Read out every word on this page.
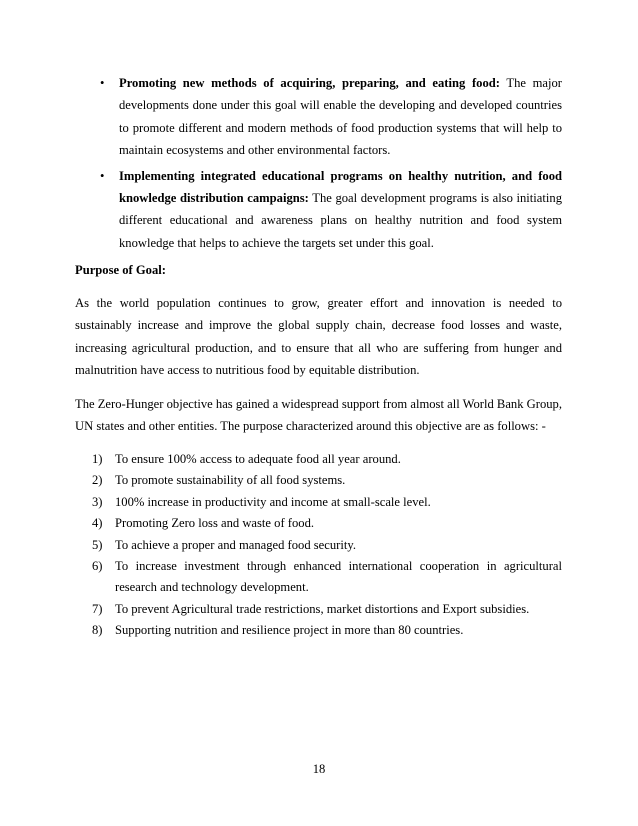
• Promoting new methods of acquiring, preparing, and eating food: The major developments done under this goal will enable the developing and developed countries to promote different and modern methods of food production systems that will help to maintain ecosystems and other environmental factors.
• Implementing integrated educational programs on healthy nutrition, and food knowledge distribution campaigns: The goal development programs is also initiating different educational and awareness plans on healthy nutrition and food system knowledge that helps to achieve the targets set under this goal.
Purpose of Goal:

As the world population continues to grow, greater effort and innovation is needed to sustainably increase and improve the global supply chain, decrease food losses and waste, increasing agricultural production, and to ensure that all who are suffering from hunger and malnutrition have access to nutritious food by equitable distribution.

The Zero-Hunger objective has gained a widespread support from almost all World Bank Group, UN states and other entities. The purpose characterized around this objective are as follows: -

1) To ensure 100% access to adequate food all year around.
2) To promote sustainability of all food systems.
3) 100% increase in productivity and income at small-scale level.
4) Promoting Zero loss and waste of food.
5) To achieve a proper and managed food security.
6) To increase investment through enhanced international cooperation in agricultural research and technology development.
7) To prevent Agricultural trade restrictions, market distortions and Export subsidies.
8) Supporting nutrition and resilience project in more than 80 countries.
18
